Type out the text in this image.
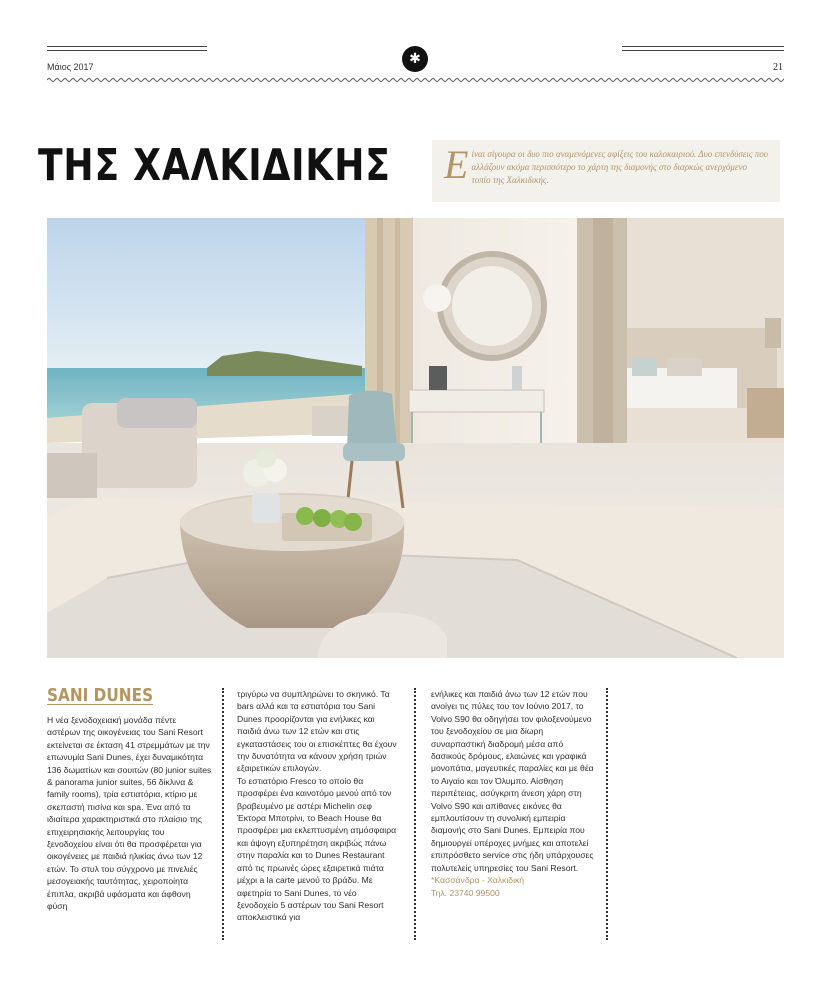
✱
Μάιος 2017	21
ΤΗΣ ΧΑΛΚΙΔΙΚΗΣ Ε ίναι σίγουρα οι δυο πιο αναμενόμενες αφίξεις του καλοκαιριού. Δυο επενδύσεις που αλλάζουν ακόμα περισσότερο το χάρτη της διαμονής στο διαρκώς ανερχόμενο τοπίο της Χαλκιδικής.

SANI DUNES

Η νέα ξενοδοχειακή μονάδα πέντε αστέρων της οικογένειας του Sani Resort εκτείνεται σε έκταση 41 στρεμμάτων με την επωνυμία Sani Dunes, έχει δυναμικότητα 136 δωματίων και σουιτών (80 junior suites & panorama junior suites, 56 δίκλινα & family rooms), τρία εστιατόρια, κτίριο με σκεπαστή πισίνα και spa. Ένα από τα ιδιαίτερα χαρακτηριστικά στο πλαίσιο της επιχειρησιακής λειτουργίας του ξενοδοχείου είναι ότι θα προσφέρεται για οικογένειες με παιδιά ηλικίας άνω των 12 ετών. Το στυλ του σύγχρονο με πινελιές μεσογειακής ταυτότητας, χειροποίητα έπιπλα, ακριβά υφάσματα και άφθονη φύση

τριγύρω να συμπληρώνει το σκηνικό. Τα bars αλλά και τα εστιατόρια του Sani Dunes προορίζονται για ενήλικες και παιδιά άνω των 12 ετών και στις εγκαταστάσεις του οι επισκέπτες θα έχουν την δυνατότητα να κάνουν χρήση τριών εξαιρετικών επιλογών.

Το εστιατόριο Fresco το οποίο θα προσφέρει ένα καινοτόμο μενού από τον βραβευμένο με αστέρι Michelin σεφ Έκτορα Μποτρίνι, το Beach House θα προσφέρει μια εκλεπτυσμένη ατμόσφαιρα και άψογη εξυπηρέτηση ακριβώς πάνω στην παραλία και το Dunes Restaurant από τις πρωινές ώρες εξαιρετικά πιάτα μέχρι a la carte μενού το βράδυ. Με αφετηρία το Sani Dunes, το νέο ξενοδοχείο 5 αστέρων του Sani Resort αποκλειστικά για

ενήλικες και παιδιά άνω των 12 ετών που ανοίγει τις πύλες του τον Ιούνιο 2017, το Volvo S90 θα οδηγήσει τον φιλοξενούμενο του ξενοδοχείου σε μια δίωρη συναρπαστική διαδρομή μέσα από δασικούς δρόμους, ελαιώνες και γραφικά μονοπάτια, μαγευτικές παραλίες και με θέα το Αιγαίο και τον Όλυμπο. Αίσθηση περιπέτειας, ασύγκριτη άνεση χάρη στη Volvo S90 και απίθανες εικόνες θα εμπλουτίσουν τη συνολική εμπειρία διαμονής στο Sani Dunes. Εμπειρία που δημιουργεί υπέροχες μνήμες και αποτελεί επιπρόσθετο service στις ήδη υπάρχουσες πολυτελείς υπηρεσίες του Sani Resort.

*Κασσάνδρα - Χαλκιδική

Τηλ. 23740 99500
